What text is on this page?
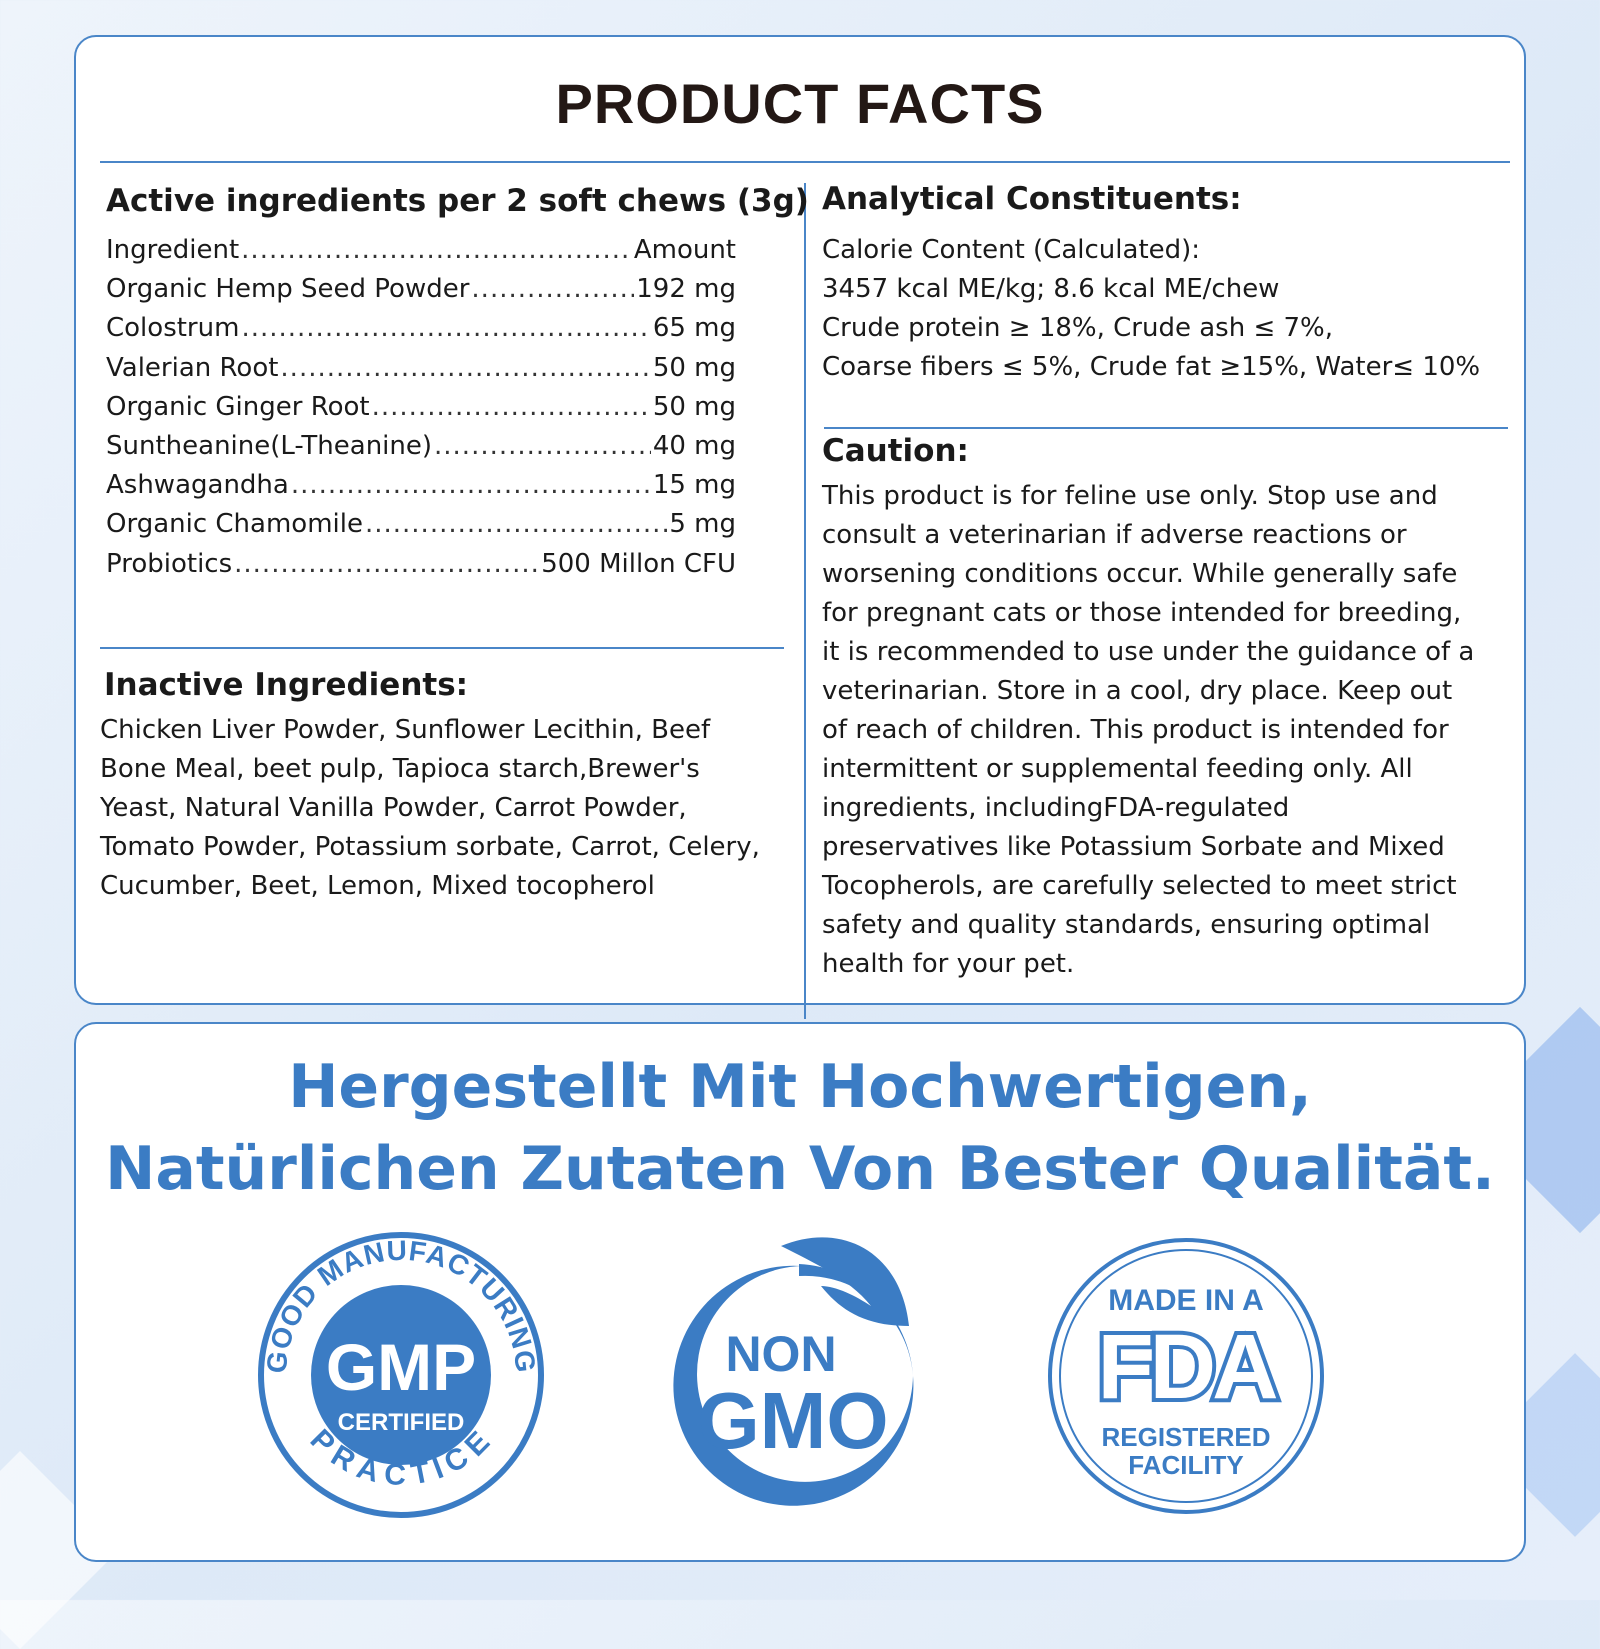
PRODUCT FACTS
Active ingredients per 2 soft chews (3g)
Ingredient .....	Amount
Organic Hemp Seed Powder .....	192 mg
Colostrum .....	65 mg
Valerian Root .....	50 mg
Organic Ginger Root .....	50 mg
Suntheanine(L-Theanine) .....	40 mg
Ashwagandha .....	15 mg
Organic Chamomile .....	5 mg
Probiotics .....	500 Millon CFU
Inactive Ingredients:
Chicken Liver Powder, Sunflower Lecithin, Beef
Bone Meal, beet pulp, Tapioca starch,Brewer's
Yeast, Natural Vanilla Powder, Carrot Powder,
Tomato Powder, Potassium sorbate, Carrot, Celery,
Cucumber, Beet, Lemon, Mixed tocopherol
Analytical Constituents:
Calorie Content (Calculated):
3457 kcal ME/kg; 8.6 kcal ME/chew
Crude protein ≥ 18%, Crude ash ≤ 7%,
Coarse fibers ≤ 5%, Crude fat ≥15%, Water≤ 10%
Caution:
This product is for feline use only. Stop use and
consult a veterinarian if adverse reactions or
worsening conditions occur. While generally safe
for pregnant cats or those intended for breeding,
it is recommended to use under the guidance of a
veterinarian. Store in a cool, dry place. Keep out
of reach of children. This product is intended for
intermittent or supplemental feeding only. All
ingredients, includingFDA-regulated
preservatives like Potassium Sorbate and Mixed
Tocopherols, are carefully selected to meet strict
safety and quality standards, ensuring optimal
health for your pet.
Hergestellt Mit Hochwertigen,
Natürlichen Zutaten Von Bester Qualität.
GOOD MANUFACTURING
PRACTICE
GMP
CERTIFIED
NON
GMO
MADE IN A
FDA
REGISTERED
FACILITY
